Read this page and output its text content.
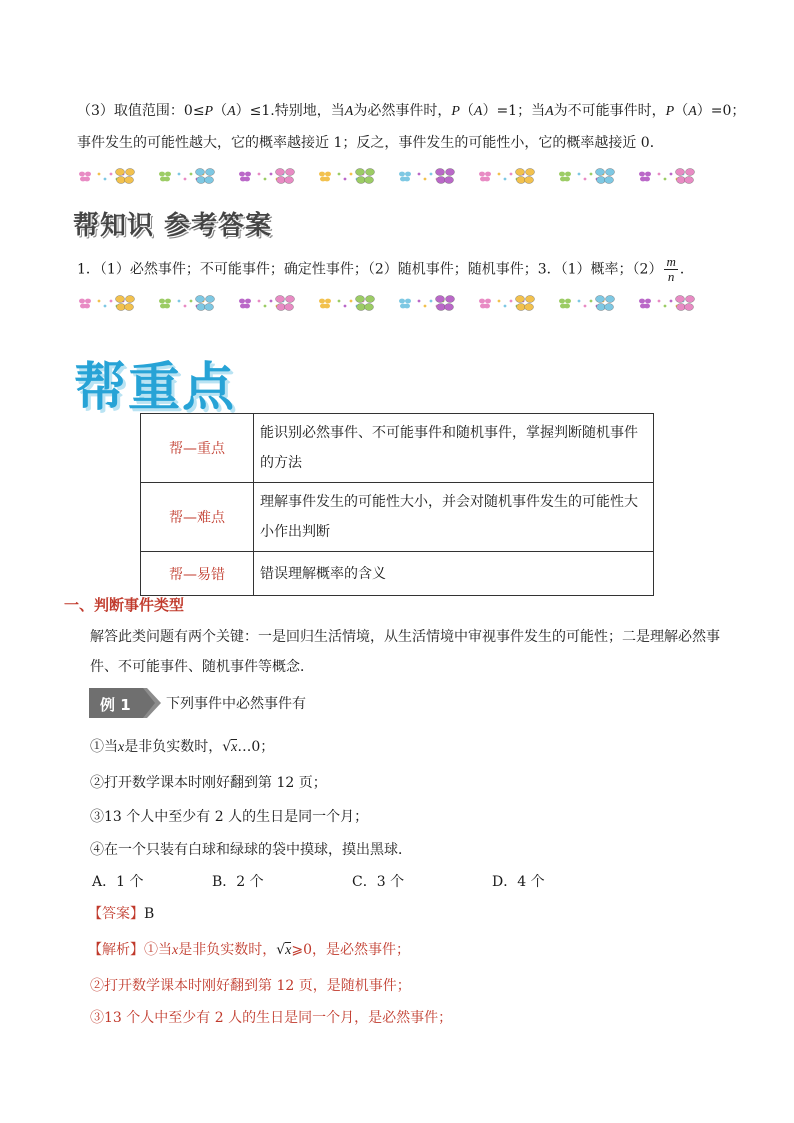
（3）取值范围：0≤P（A）≤1.特别地，当A为必然事件时，P（A）=1；当A为不可能事件时，P（A）=0；
事件发生的可能性越大，它的概率越接近 1；反之，事件发生的可能性小，它的概率越接近 0．
帮知识 参考答案
1．（1）必然事件；不可能事件；确定性事件；（2）随机事件；随机事件；3．（1）概率；$(2) \frac{m}{n}$ ．
帮重点
帮—重点	能识别必然事件、不可能事件和随机事件，掌握判断随机事件的方法
帮—难点	理解事件发生的可能性大小，并会对随机事件发生的可能性大小作出判断
帮—易错	错误理解概率的含义
一、判断事件类型
解答此类问题有两个关键：一是回归生活情境，从生活情境中审视事件发生的可能性；二是理解必然事
件、不可能事件、随机事件等概念．
例 1	下列事件中必然事件有
①当x是非负实数时，√x…0；
②打开数学课本时刚好翻到第 12 页；
③13 个人中至少有 2 人的生日是同一个月；
④在一个只装有白球和绿球的袋中摸球，摸出黑球．
A．1 个	B．2 个	C．3 个	D．4 个
【答案】B
【解析】①当x是非负实数时，√x⩾0，是必然事件；
②打开数学课本时刚好翻到第 12 页，是随机事件；
③13 个人中至少有 2 人的生日是同一个月，是必然事件；
